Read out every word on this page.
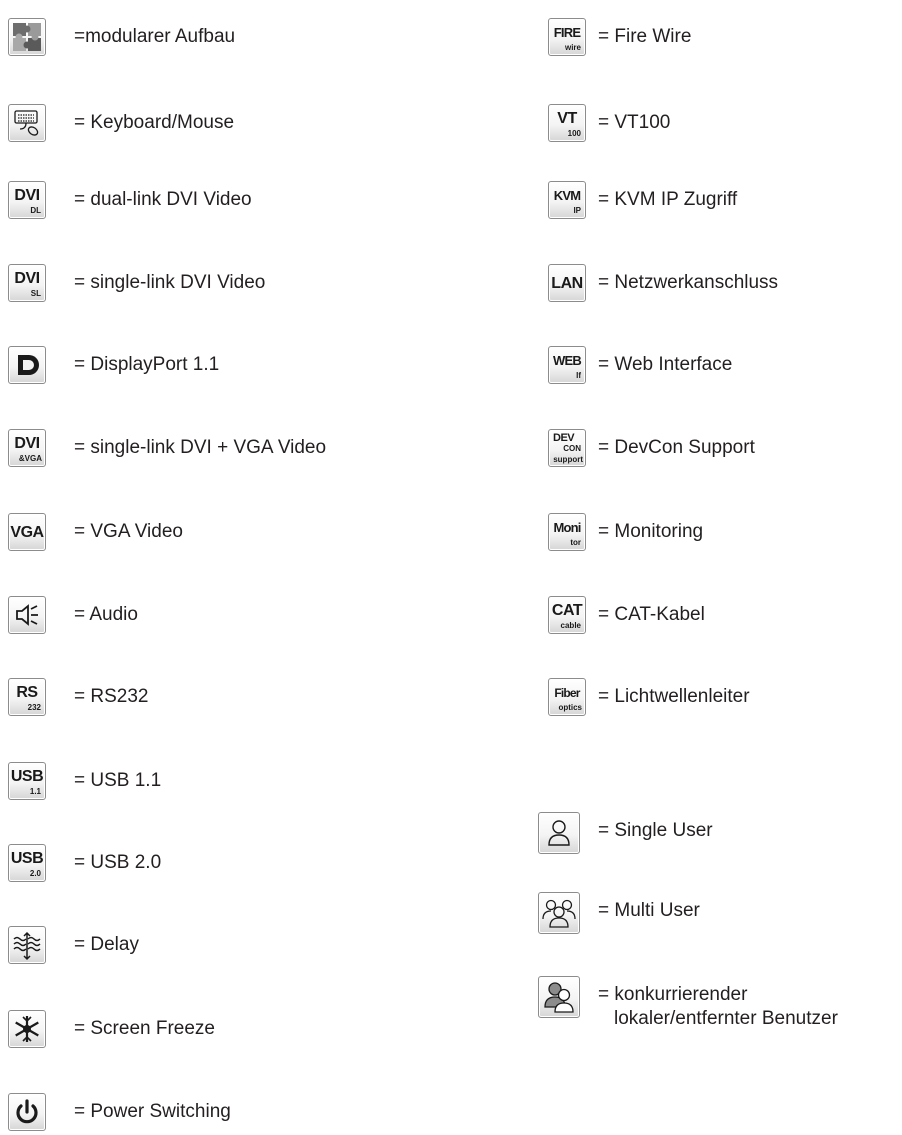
=modularer Aufbau
= Keyboard/Mouse
DVI
DL
= dual-link DVI Video
DVI
SL
= single-link DVI Video
= DisplayPort 1.1
DVI
&VGA
= single-link DVI + VGA Video
VGA = VGA Video
= Audio
RS
232
= RS232
USB
1.1
= USB 1.1
USB
2.0
= USB 2.0
= Delay
= Screen Freeze
= Power Switching
FIRE
wire
= Fire Wire
VT
100
= VT100
KVM
IP
= KVM IP Zugriff
LAN = Netzwerkanschluss
WEB
If
= Web Interface
DEV
CON
support
= DevCon Support
Moni
tor
= Monitoring
CAT
cable
= CAT-Kabel
Fiber
optics
= Lichtwellenleiter
= Single User
= Multi User
= konkurrierender
lokaler/entfernter Benutzer
